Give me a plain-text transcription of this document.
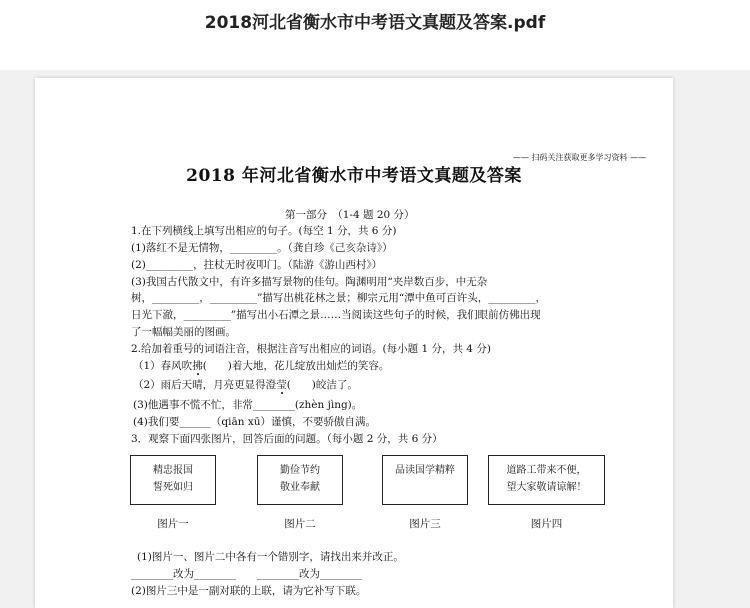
2018河北省衡水市中考语文真题及答案.pdf
—— 扫码关注获取更多学习资料 ——
2018 年河北省衡水市中考语文真题及答案
第一部分　（1-4 题 20 分）
1.在下列横线上填写出相应的句子。(每空 1 分，共 6 分)
(1)落红不是无情物，_________。（龚自珍《己亥杂诗》）
(2)_________，拄杖无时夜叩门。（陆游《游山西村》）
(3)我国古代散文中，有许多描写景物的佳句。陶渊明用“夹岸数百步，中无杂
树，_________，_________”描写出桃花林之景；柳宗元用“潭中鱼可百许头，_________，
日光下澈，_________”描写出小石潭之景……当阅读这些句子的时候，我们眼前仿佛出现
了一幅幅美丽的图画。
2.给加着重号的词语注音，根据注音写出相应的词语。(每小题 1 分，共 4 分)
（1）春风吹拂(　　)着大地，花儿绽放出灿烂的笑容。
（2）雨后天晴，月亮更显得澄莹(　　)皎洁了。
(3)他遇事不慌不忙，非常________(zhèn jìng)。
(4)我们要______（qiān xū）谨慎，不要骄傲自满。
3．观察下面四张图片，回答后面的问题。（每小题 2 分，共 6 分）
精忠报国
誓死如归
勤俭节约
敬业奉献
品读国学精粹	道路工带来不便，
望大家敬请谅解！
图片一	图片二	图片三	图片四
(1)图片一、图片二中各有一个错别字，请找出来并改正。
________改为________　　________改为________
(2)图片三中是一副对联的上联，请为它补写下联。
